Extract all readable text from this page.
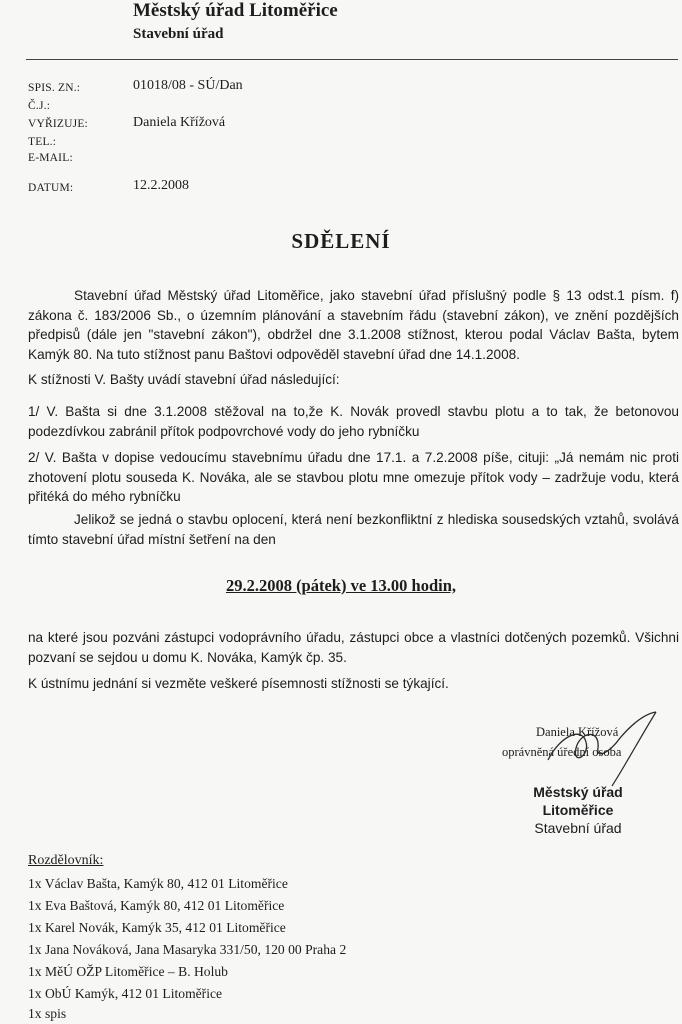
Městský úřad Litoměřice
Stavební úřad
SPIS. ZN.:	01018/08 - SÚ/Dan
Č.J.:
VYŘIZUJE:	Daniela Křížová
TEL.:
E-MAIL:
DATUM:	12.2.2008
SDĚLENÍ
Stavební úřad Městský úřad Litoměřice, jako stavební úřad příslušný podle § 13 odst.1 písm. f) zákona č. 183/2006 Sb., o územním plánování a stavebním řádu (stavební zákon), ve znění pozdějších předpisů (dále jen "stavební zákon"), obdržel dne 3.1.2008 stížnost, kterou podal Václav Bašta, bytem Kamýk 80. Na tuto stížnost panu Baštovi odpověděl stavební úřad dne 14.1.2008.
K stížnosti V. Bašty uvádí stavební úřad následující:
1/ V. Bašta si dne 3.1.2008 stěžoval na to,že K. Novák provedl stavbu plotu a to tak, že betonovou podezdívkou zabránil přítok podpovrchové vody do jeho rybníčku
2/ V. Bašta v dopise vedoucímu stavebnímu úřadu dne 17.1. a 7.2.2008 píše, cituji: „Já nemám nic proti zhotovení plotu souseda K. Nováka, ale se stavbou plotu mne omezuje přítok vody – zadržuje vodu, která přitéká do mého rybníčku
Jelikož se jedná o stavbu oplocení, která není bezkonfliktní z hlediska sousedských vztahů, svolává tímto stavební úřad místní šetření na den
29.2.2008 (pátek) ve 13.00 hodin,
na které jsou pozváni zástupci vodoprávního úřadu, zástupci obce a vlastníci dotčených pozemků. Všichni pozvaní se sejdou u domu K. Nováka, Kamýk čp. 35.
K ústnímu jednání si vezměte veškeré písemnosti stížnosti se týkající.
Daniela Křížová
oprávněná úřední osoba
Městský úřad
Litoměřice
Stavební úřad
Rozdělovník:
1x Václav Bašta, Kamýk 80, 412 01 Litoměřice
1x Eva Baštová, Kamýk 80, 412 01 Litoměřice
1x Karel Novák, Kamýk 35, 412 01 Litoměřice
1x Jana Nováková, Jana Masaryka 331/50, 120 00 Praha 2
1x MěÚ OŽP Litoměřice – B. Holub
1x ObÚ Kamýk, 412 01 Litoměřice
1x spis
